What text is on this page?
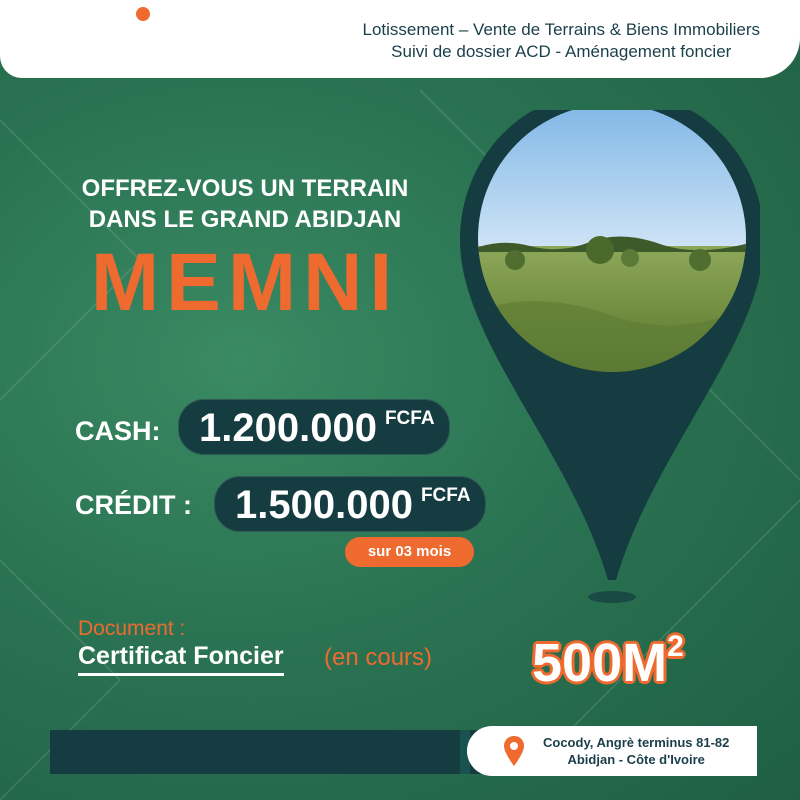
Lotissement – Vente de Terrains & Biens Immobiliers
Suivi de dossier ACD - Aménagement foncier
OFFREZ-VOUS UN TERRAIN
DANS LE GRAND ABIDJAN
MEMNI
CASH: 1.200.000 FCFA
CRÉDIT : 1.500.000 FCFA
sur 03 mois
Document :
Certificat Foncier (en cours) $500M^2$
Cocody, Angrè terminus 81-82
Abidjan - Côte d'Ivoire
